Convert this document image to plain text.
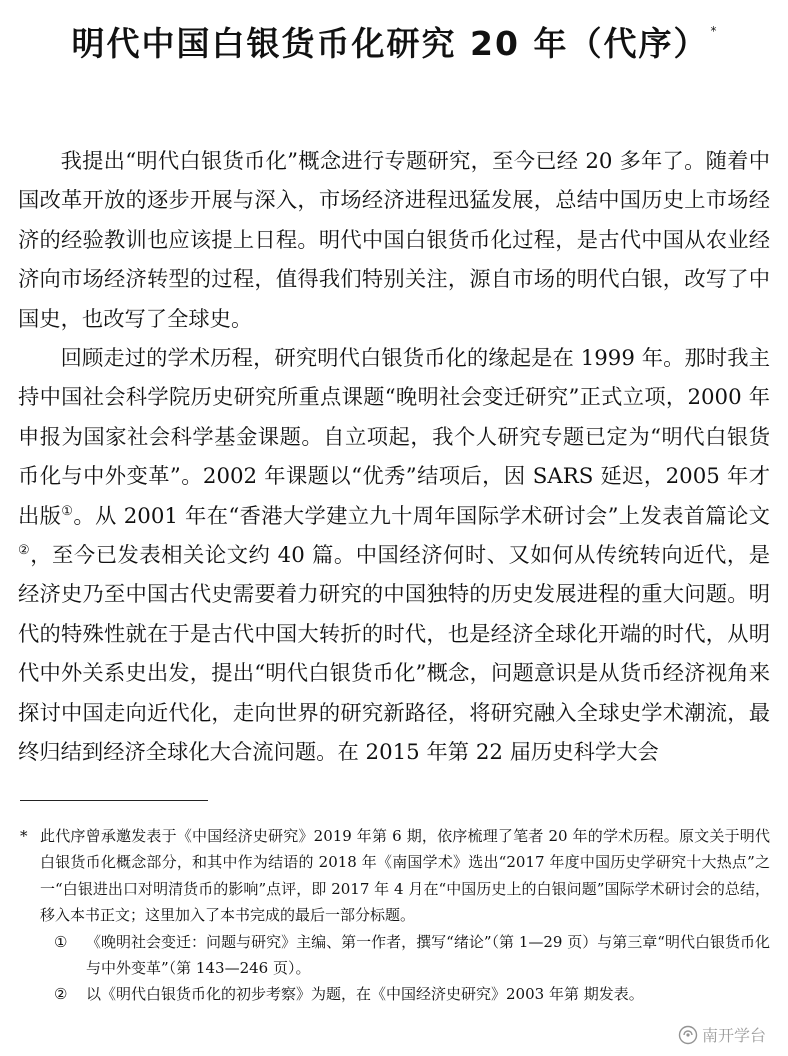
明代中国白银货币化研究 20 年（代序） *

我提出“明代白银货币化”概念进行专题研究，至今已经 20 多年了。随着中国改革开放的逐步开展与深入，市场经济进程迅猛发展，总结中国历史上市场经济的经验教训也应该提上日程。明代中国白银货币化过程，是古代中国从农业经济向市场经济转型的过程，值得我们特别关注，源自市场的明代白银，改写了中国史，也改写了全球史。

回顾走过的学术历程，研究明代白银货币化的缘起是在 1999 年。那时我主持中国社会科学院历史研究所重点课题“晚明社会变迁研究”正式立项，2000 年申报为国家社会科学基金课题。自立项起，我个人研究专题已定为“明代白银货币化与中外变革”。2002 年课题以“优秀”结项后，因 SARS 延迟，2005 年才出版①。从 2001 年在“香港大学建立九十周年国际学术研讨会”上发表首篇论文②，至今已发表相关论文约 40 篇。中国经济何时、又如何从传统转向近代，是经济史乃至中国古代史需要着力研究的中国独特的历史发展进程的重大问题。明代的特殊性就在于是古代中国大转折的时代，也是经济全球化开端的时代，从明代中外关系史出发，提出“明代白银货币化”概念，问题意识是从货币经济视角来探讨中国走向近代化，走向世界的研究新路径，将研究融入全球史学术潮流，最终归结到经济全球化大合流问题。在 2015 年第 22 届历史科学大会

* 此代序曾承邀发表于《中国经济史研究》2019 年第 6 期，依序梳理了笔者 20 年的学术历程。原文关于明代白银货币化概念部分，和其中作为结语的 2018 年《南国学术》选出“2017 年度中国历史学研究十大热点”之一“白银进出口对明清货币的影响”点评，即 2017 年 4 月在“中国历史上的白银问题”国际学术研讨会的总结，移入本书正文；这里加入了本书完成的最后一部分标题。
①	《晚明社会变迁：问题与研究》主编、第一作者，撰写“绪论”（第 1—29 页）与第三章“明代白银货币化与中外变革”（第 143—246 页）。
②	以《明代白银货币化的初步考察》为题，在《中国经济史研究》2003 年第 期发表。
南开学台
